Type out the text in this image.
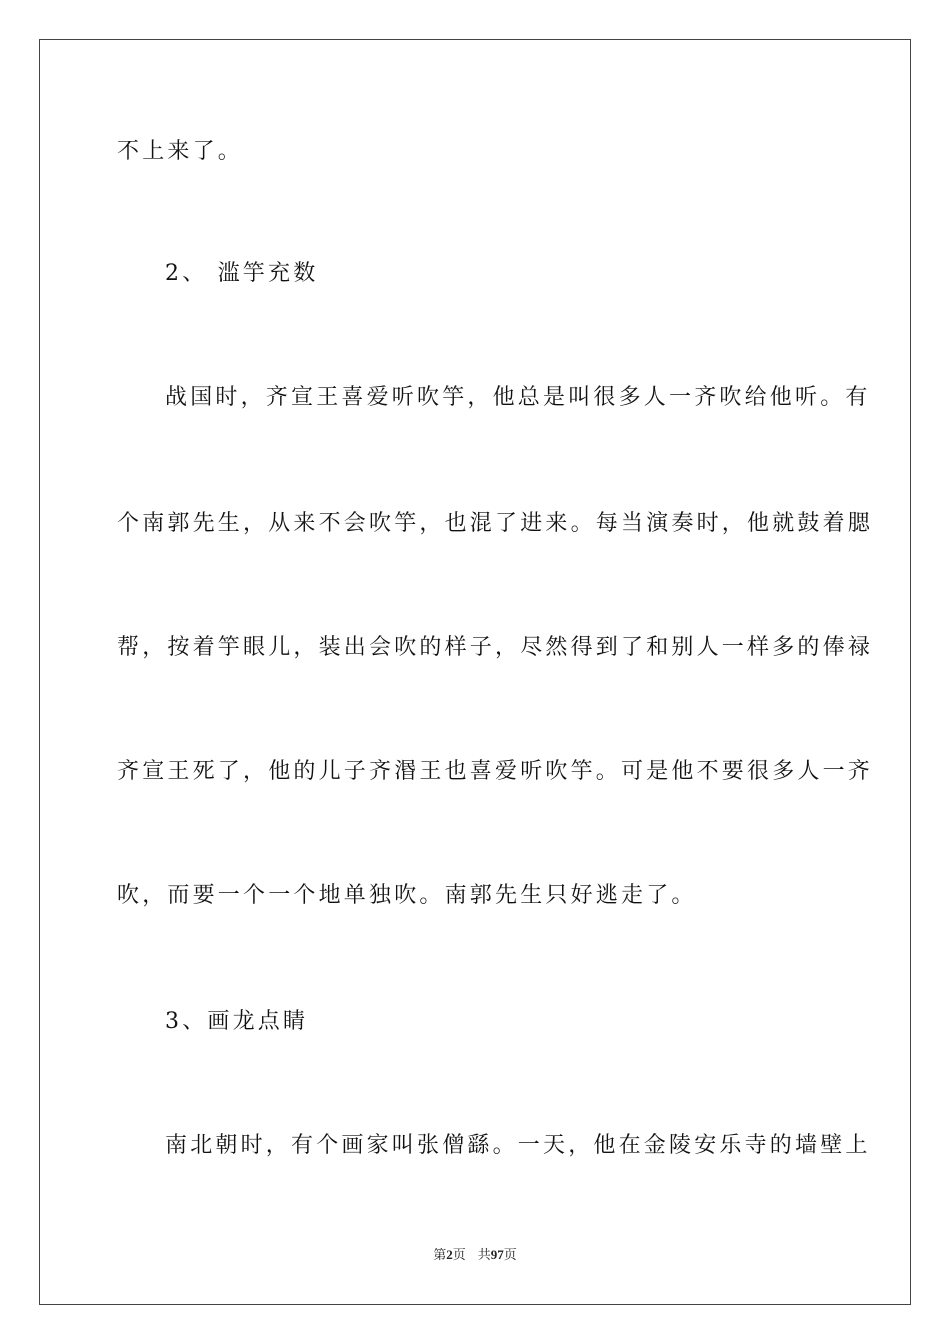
不上来了。
2、 滥竽充数
战国时，齐宣王喜爱听吹竽，他总是叫很多人一齐吹给他听。有
个南郭先生，从来不会吹竽，也混了进来。每当演奏时，他就鼓着腮
帮，按着竽眼儿，装出会吹的样子，尽然得到了和别人一样多的俸禄
齐宣王死了，他的儿子齐湣王也喜爱听吹竽。可是他不要很多人一齐
吹，而要一个一个地单独吹。南郭先生只好逃走了。
3、画龙点睛
南北朝时，有个画家叫张僧繇。一天，他在金陵安乐寺的墙壁上
第2页 共97页
